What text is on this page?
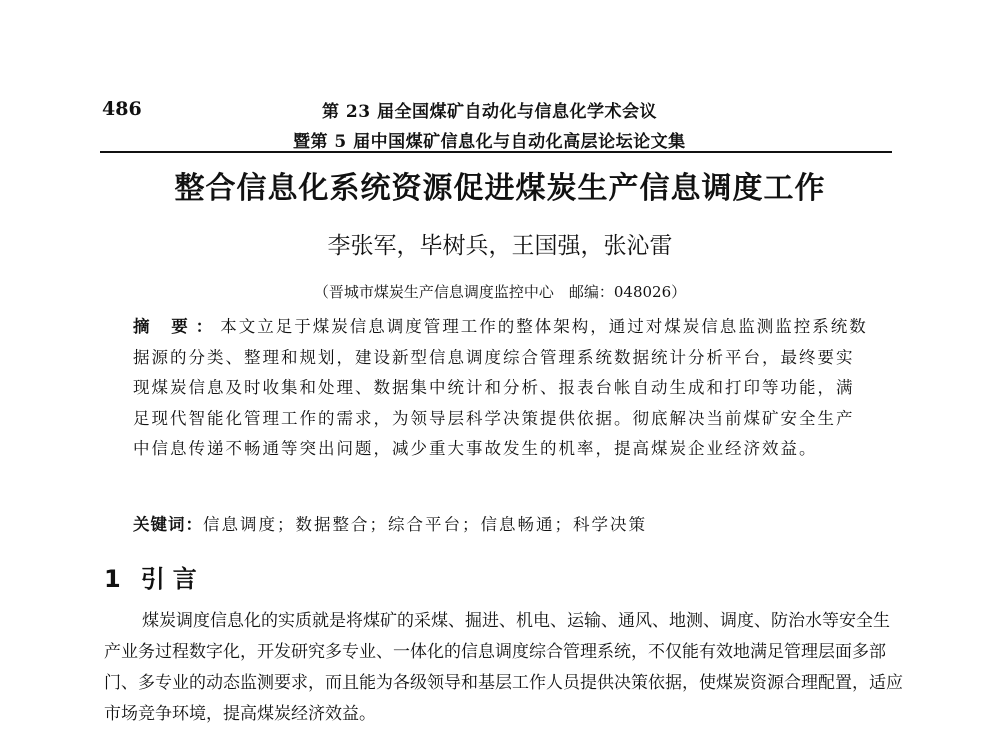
486	第 23 届全国煤矿自动化与信息化学术会议
暨第 5 届中国煤矿信息化与自动化高层论坛论文集
整合信息化系统资源促进煤炭生产信息调度工作
李张军，毕树兵，王国强，张沁雷
（晋城市煤炭生产信息调度监控中心　邮编：048026）
摘 要：本文立足于煤炭信息调度管理工作的整体架构，通过对煤炭信息监测监控系统数据源的分类、整理和规划，建设新型信息调度综合管理系统数据统计分析平台，最终要实现煤炭信息及时收集和处理、数据集中统计和分析、报表台帐自动生成和打印等功能，满足现代智能化管理工作的需求，为领导层科学决策提供依据。彻底解决当前煤矿安全生产中信息传递不畅通等突出问题，减少重大事故发生的机率，提高煤炭企业经济效益。
关键词：信息调度；数据整合；综合平台；信息畅通；科学决策
1 引言
煤炭调度信息化的实质就是将煤矿的采煤、掘进、机电、运输、通风、地测、调度、防治水等安全生产业务过程数字化，开发研究多专业、一体化的信息调度综合管理系统，不仅能有效地满足管理层面多部门、多专业的动态监测要求，而且能为各级领导和基层工作人员提供决策依据，使煤炭资源合理配置，适应市场竞争环境，提高煤炭经济效益。
